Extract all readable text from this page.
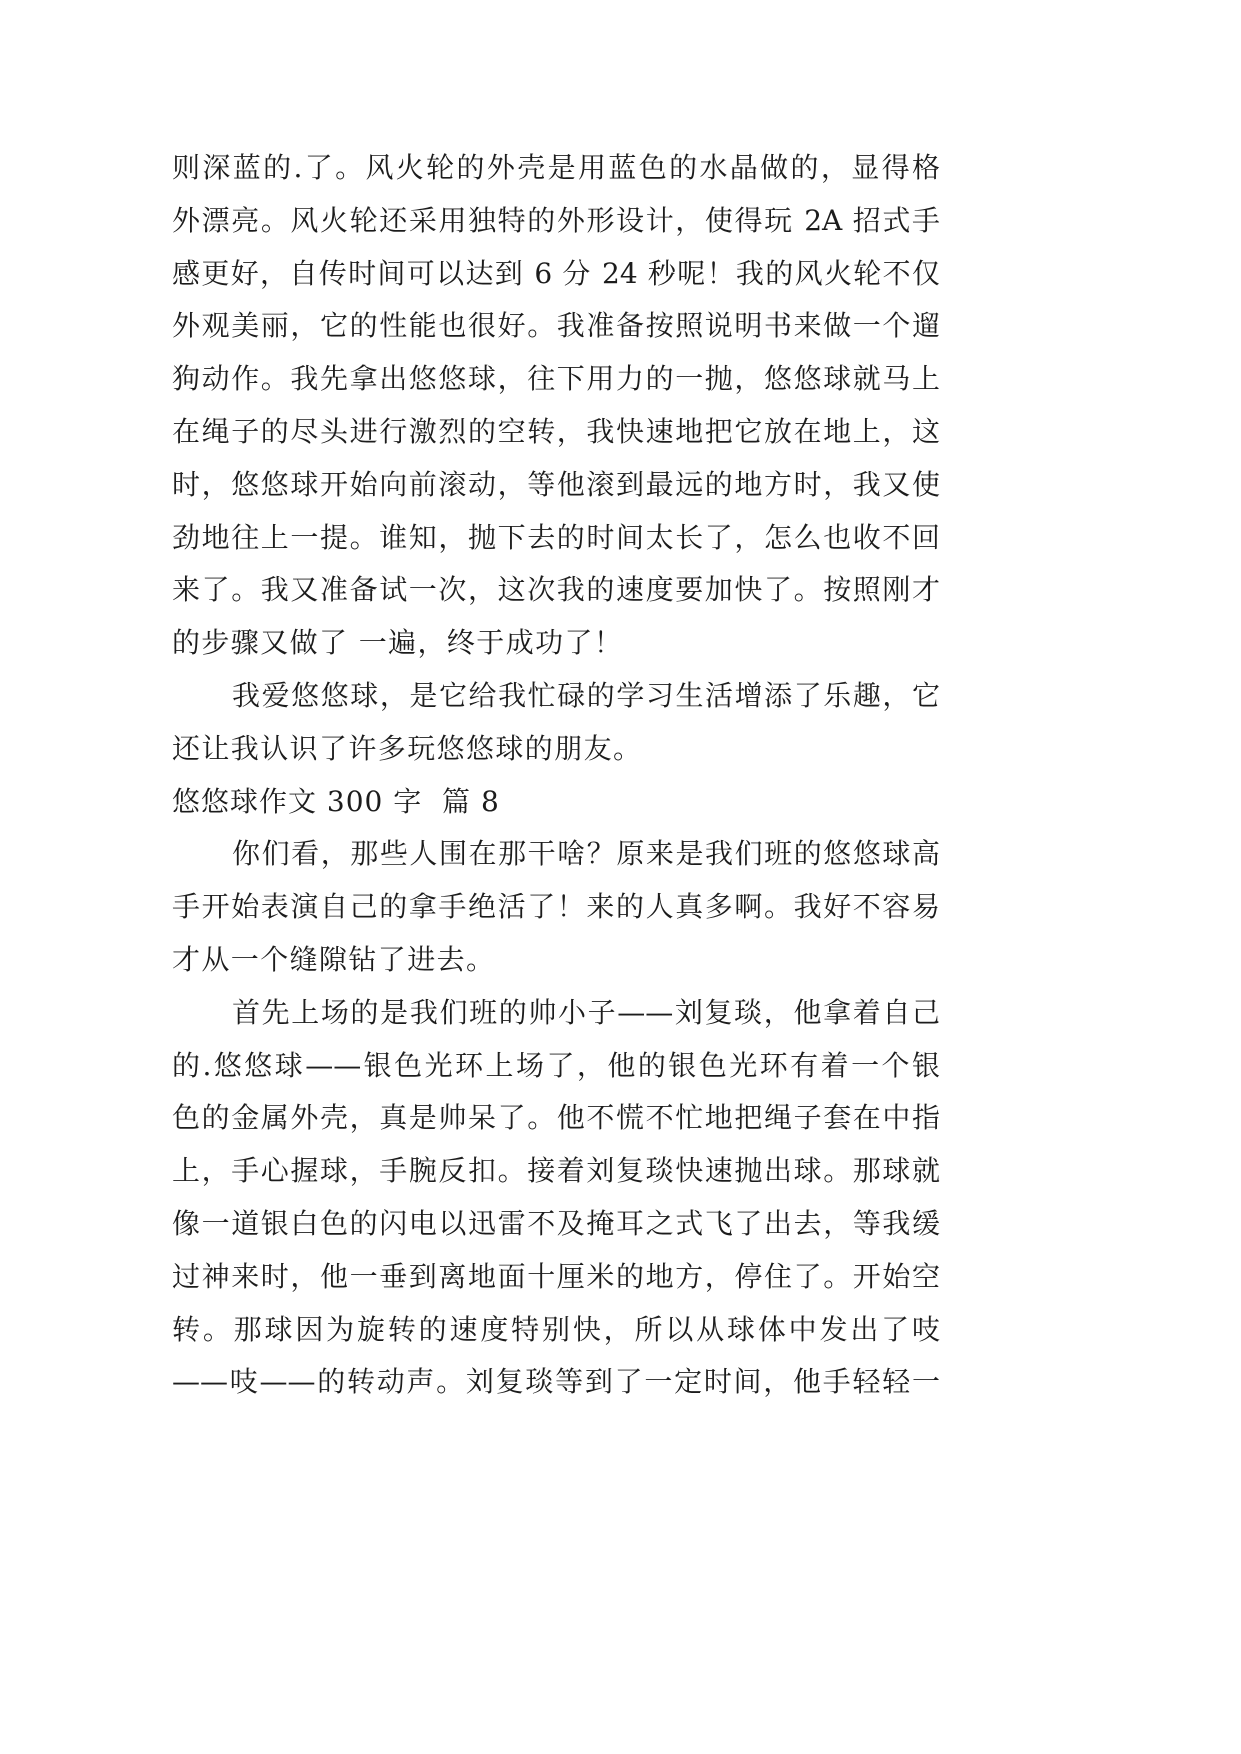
则深蓝的.了。风火轮的外壳是用蓝色的水晶做的，显得格

外漂亮。风火轮还采用独特的外形设计，使得玩 2A 招式手

感更好，自传时间可以达到 6 分 24 秒呢！我的风火轮不仅

外观美丽，它的性能也很好。我准备按照说明书来做一个遛

狗动作。我先拿出悠悠球，往下用力的一抛，悠悠球就马上

在绳子的尽头进行激烈的空转，我快速地把它放在地上，这

时，悠悠球开始向前滚动，等他滚到最远的地方时，我又使

劲地往上一提。谁知，抛下去的时间太长了，怎么也收不回

来了。我又准备试一次，这次我的速度要加快了。按照刚才

的步骤又做了 一遍，终于成功了！

我爱悠悠球，是它给我忙碌的学习生活增添了乐趣，它

还让我认识了许多玩悠悠球的朋友。

悠悠球作文 300 字  篇 8

你们看，那些人围在那干啥？原来是我们班的悠悠球高

手开始表演自己的拿手绝活了！来的人真多啊。我好不容易

才从一个缝隙钻了进去。

首先上场的是我们班的帅小子——刘复琰，他拿着自己

的.悠悠球——银色光环上场了，他的银色光环有着一个银

色的金属外壳，真是帅呆了。他不慌不忙地把绳子套在中指

上，手心握球，手腕反扣。接着刘复琰快速抛出球。那球就

像一道银白色的闪电以迅雷不及掩耳之式飞了出去，等我缓

过神来时，他一垂到离地面十厘米的地方，停住了。开始空

转。那球因为旋转的速度特别快，所以从球体中发出了吱

——吱——的转动声。刘复琰等到了一定时间，他手轻轻一
